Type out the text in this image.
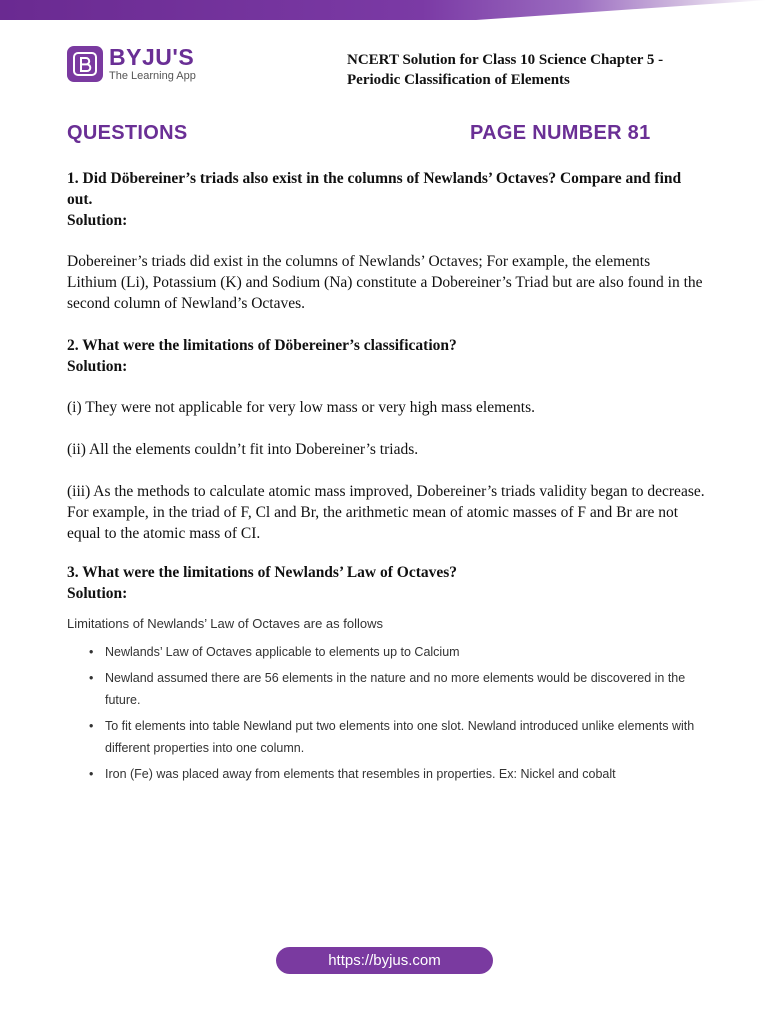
BYJU'S
The Learning App
NCERT Solution for Class 10 Science Chapter 5 -
Periodic Classification of Elements
QUESTIONS	PAGE NUMBER 81

1. Did Döbereiner’s triads also exist in the columns of Newlands’ Octaves? Compare and find out.

Solution:

Dobereiner’s triads did exist in the columns of Newlands’ Octaves; For example, the elements

Lithium (Li), Potassium (K) and Sodium (Na) constitute a Dobereiner’s Triad but are also found in the second column of Newland’s Octaves.

2. What were the limitations of Döbereiner’s classification?

Solution:

(i) They were not applicable for very low mass or very high mass elements.

(ii) All the elements couldn’t fit into Dobereiner’s triads.

(iii) As the methods to calculate atomic mass improved, Dobereiner’s triads validity began to decrease. For example, in the triad of F, Cl and Br, the arithmetic mean of atomic masses of F and Br are not equal to the atomic mass of CI.

3. What were the limitations of Newlands’ Law of Octaves?

Solution:

Limitations of Newlands’ Law of Octaves are as follows

• Newlands’ Law of Octaves applicable to elements up to Calcium
• Newland assumed there are 56 elements in the nature and no more elements would be discovered in the future.
• To fit elements into table Newland put two elements into one slot. Newland introduced unlike elements with different properties into one column.
• Iron (Fe) was placed away from elements that resembles in properties. Ex: Nickel and cobalt
https://byjus.com
